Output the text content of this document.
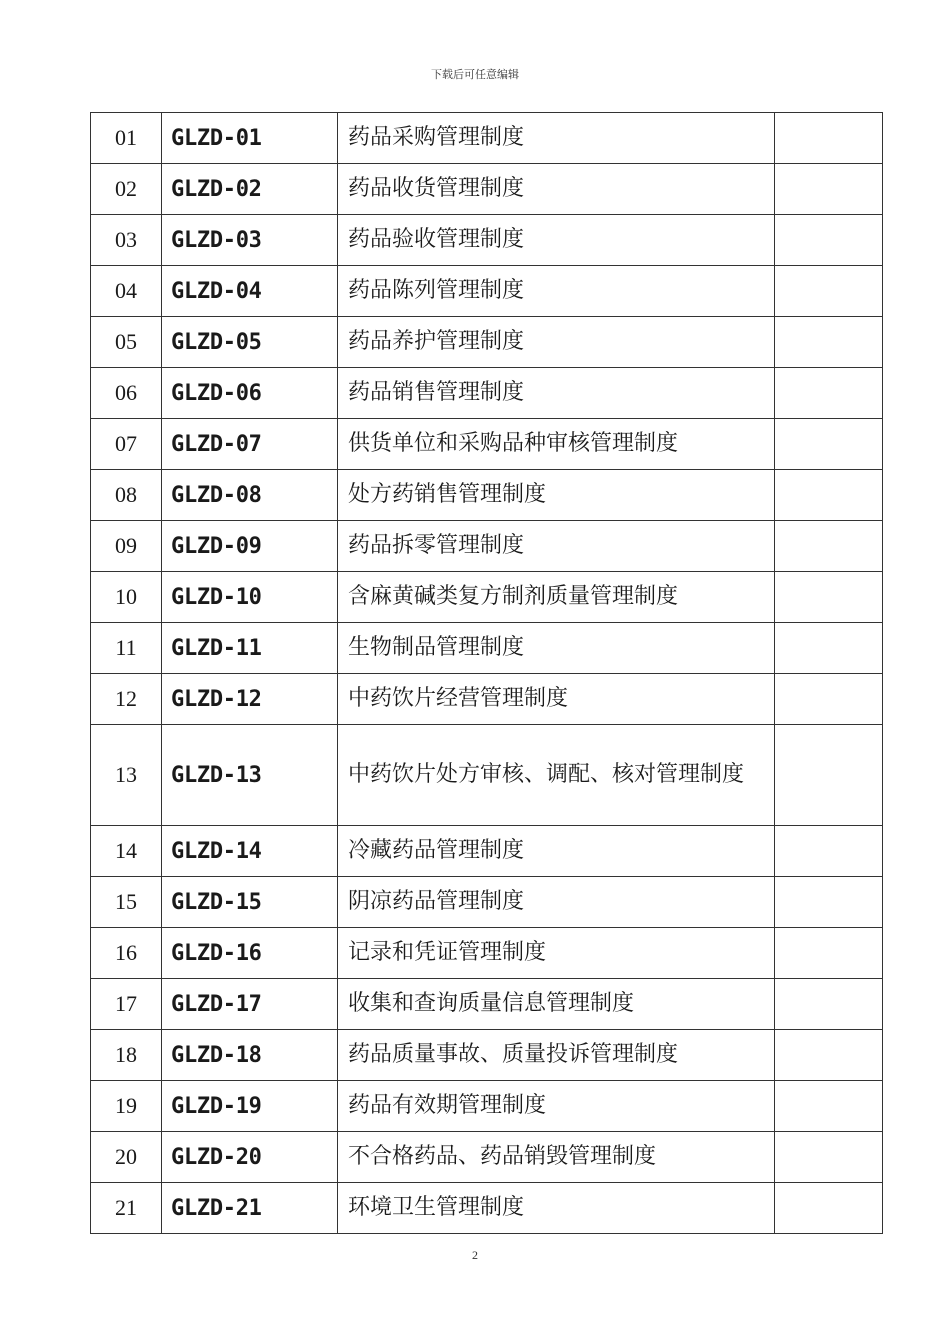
下载后可任意编辑
01	GLZD-01	药品采购管理制度	
02	GLZD-02	药品收货管理制度	
03	GLZD-03	药品验收管理制度	
04	GLZD-04	药品陈列管理制度	
05	GLZD-05	药品养护管理制度	
06	GLZD-06	药品销售管理制度	
07	GLZD-07	供货单位和采购品种审核管理制度	
08	GLZD-08	处方药销售管理制度	
09	GLZD-09	药品拆零管理制度	
10	GLZD-10	含麻黄碱类复方制剂质量管理制度	
11	GLZD-11	生物制品管理制度	
12	GLZD-12	中药饮片经营管理制度	
13	GLZD-13	中药饮片处方审核、调配、核对管理制度	
14	GLZD-14	冷藏药品管理制度	
15	GLZD-15	阴凉药品管理制度	
16	GLZD-16	记录和凭证管理制度	
17	GLZD-17	收集和查询质量信息管理制度	
18	GLZD-18	药品质量事故、质量投诉管理制度	
19	GLZD-19	药品有效期管理制度	
20	GLZD-20	不合格药品、药品销毁管理制度	
21	GLZD-21	环境卫生管理制度	
2
